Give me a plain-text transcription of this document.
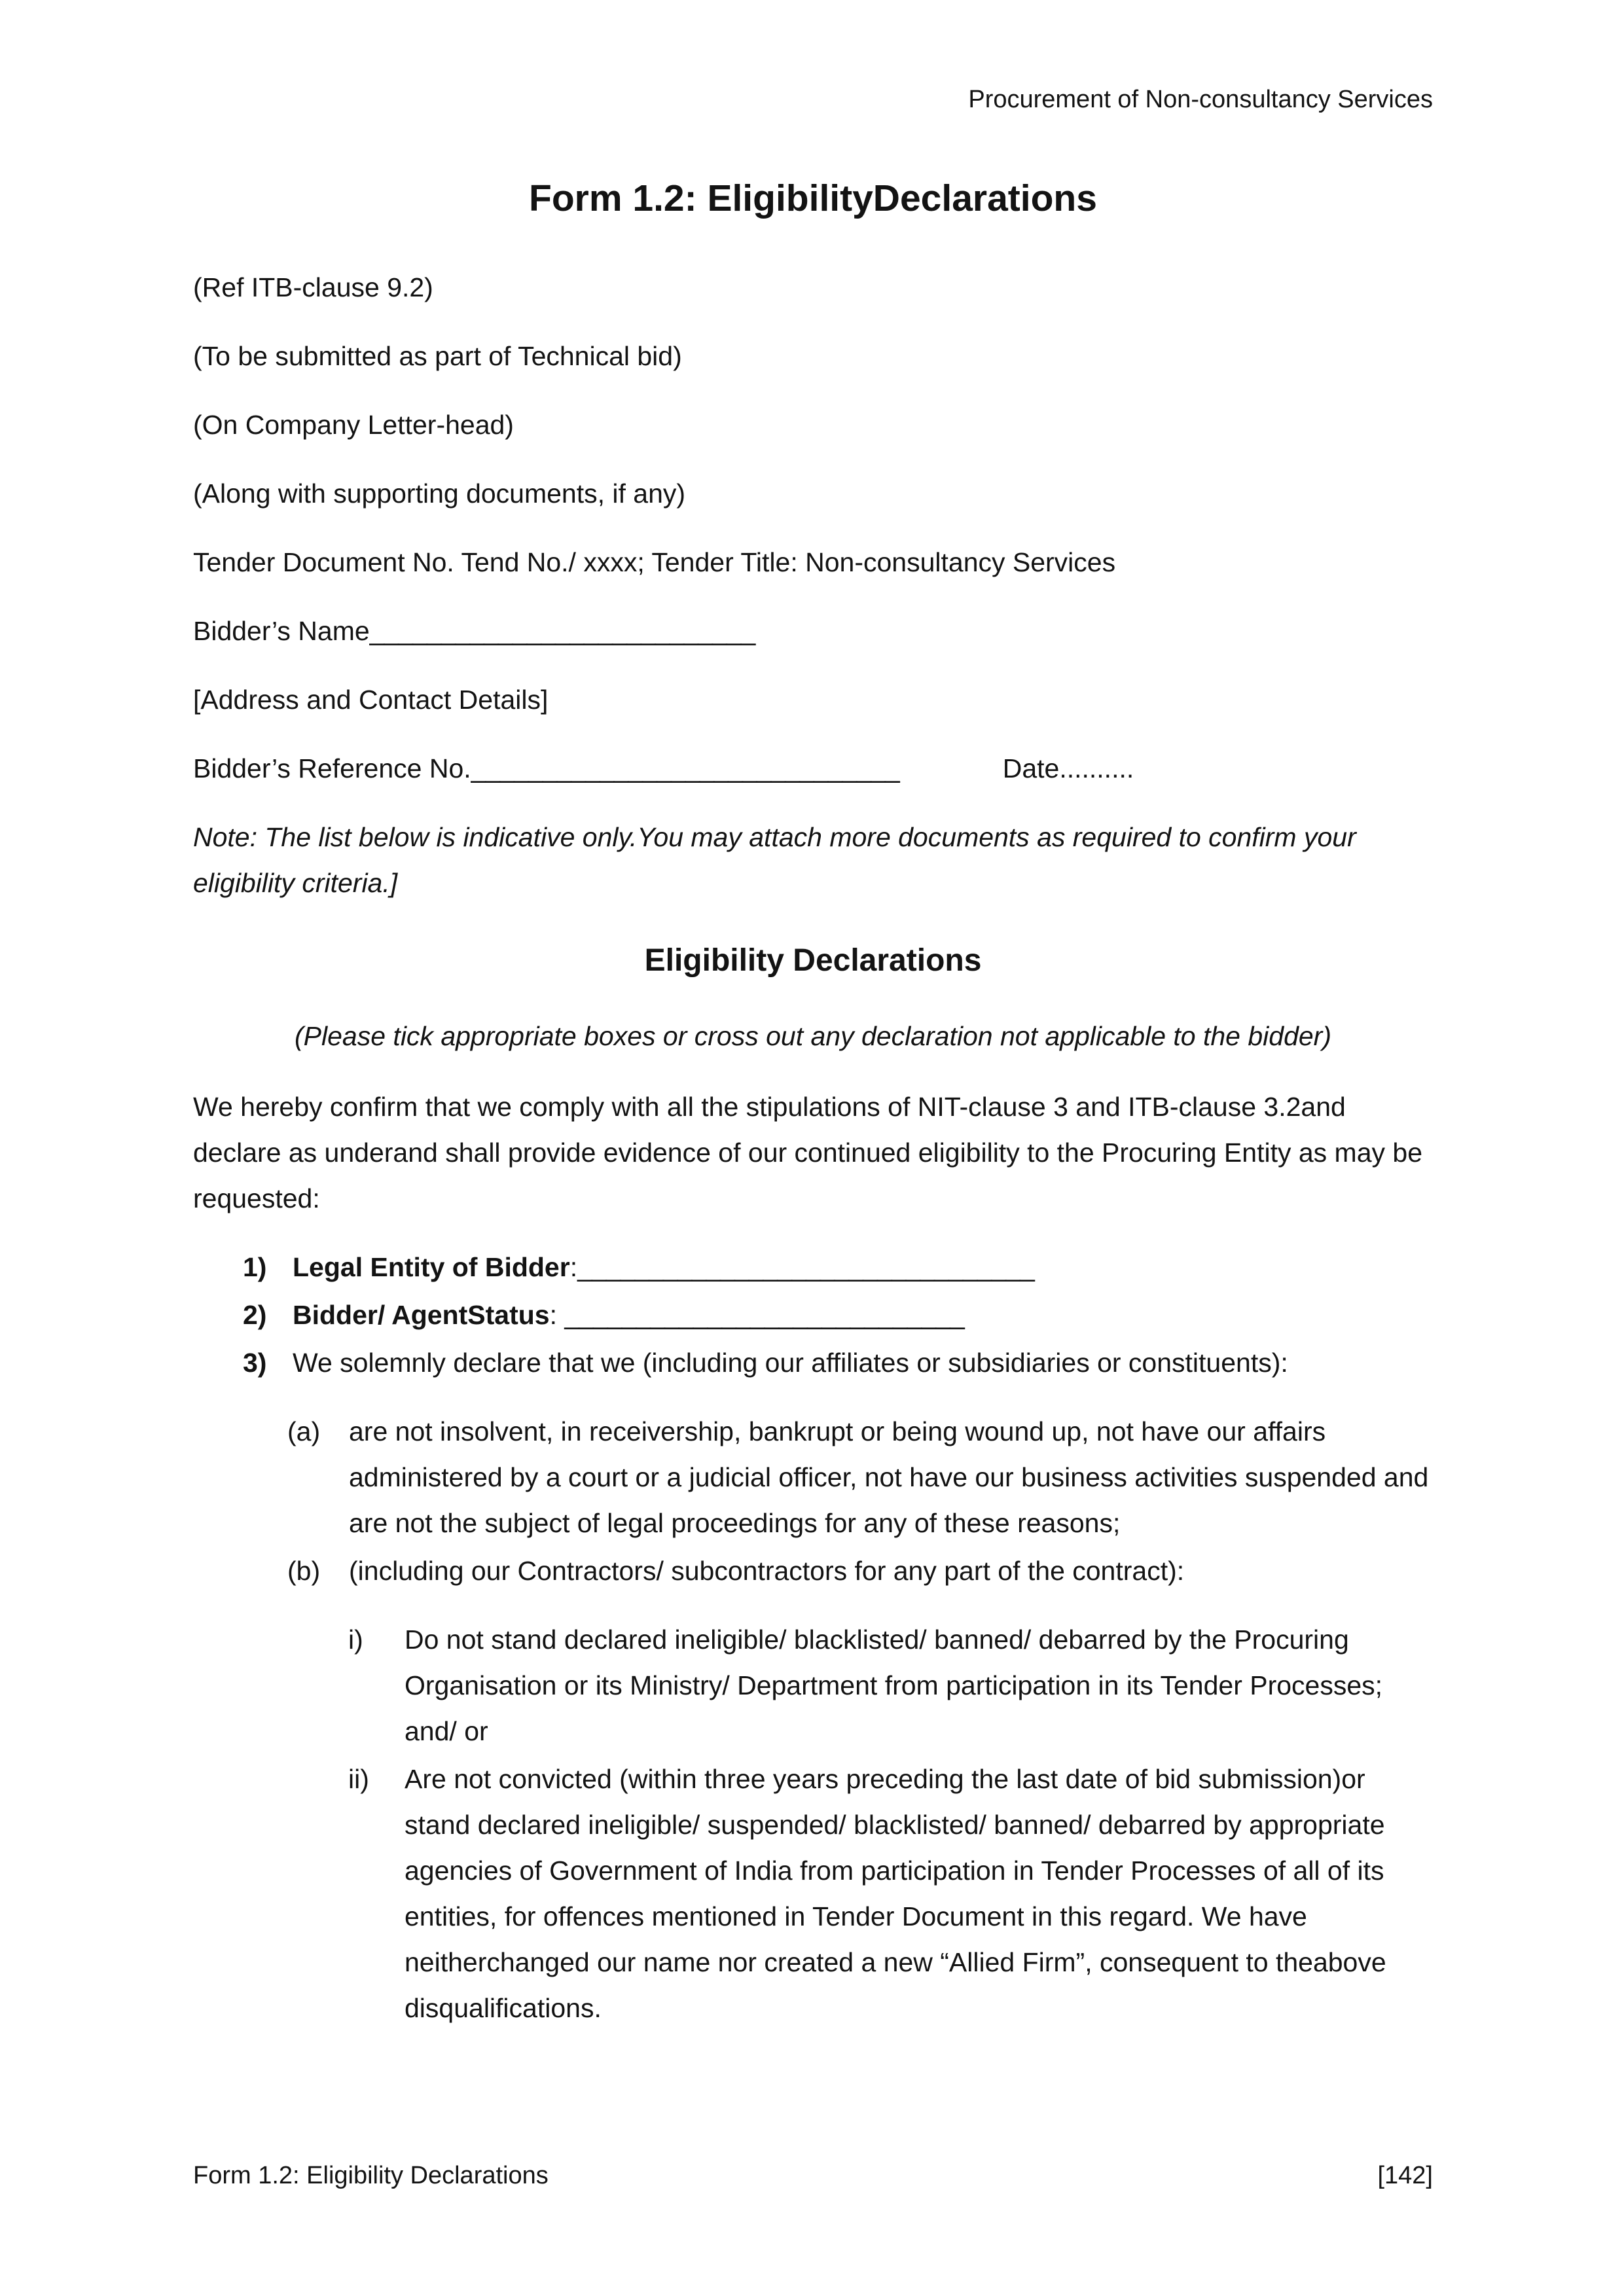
Procurement of Non-consultancy Services
Form 1.2: EligibilityDeclarations

(Ref ITB-clause 9.2)

(To be submitted as part of Technical bid)

(On Company Letter-head)

(Along with supporting documents, if any)

Tender Document No. Tend No./ xxxx; Tender Title: Non-consultancy Services

Bidder’s Name___________________________

[Address and Contact Details]

Bidder’s Reference No.______________________________	Date..........

Note: The list below is indicative only.You may attach more documents as required to confirm your eligibility criteria.]

Eligibility Declarations

(Please tick appropriate boxes or cross out any declaration not applicable to the bidder)

We hereby confirm that we comply with all the stipulations of NIT-clause 3 and ITB-clause 3.2and declare as underand shall provide evidence of our continued eligibility to the Procuring Entity as may be requested:

1) Legal Entity of Bidder:________________________________
2) Bidder/ AgentStatus: ____________________________
3) We solemnly declare that we (including our affiliates or subsidiaries or constituents):
(a)	are not insolvent, in receivership, bankrupt or being wound up, not have our affairs administered by a court or a judicial officer, not have our business activities suspended and are not the subject of legal proceedings for any of these reasons;
(b)	(including our Contractors/ subcontractors for any part of the contract):
i)	Do not stand declared ineligible/ blacklisted/ banned/ debarred by the Procuring Organisation or its Ministry/ Department from participation in its Tender Processes; and/ or
ii)	Are not convicted (within three years preceding the last date of bid submission)or stand declared ineligible/ suspended/ blacklisted/ banned/ debarred by appropriate agencies of Government of India from participation in Tender Processes of all of its entities, for offences mentioned in Tender Document in this regard. We have neitherchanged our name nor created a new “Allied Firm”, consequent to theabove disqualifications.
Form 1.2: Eligibility Declarations	[142]
